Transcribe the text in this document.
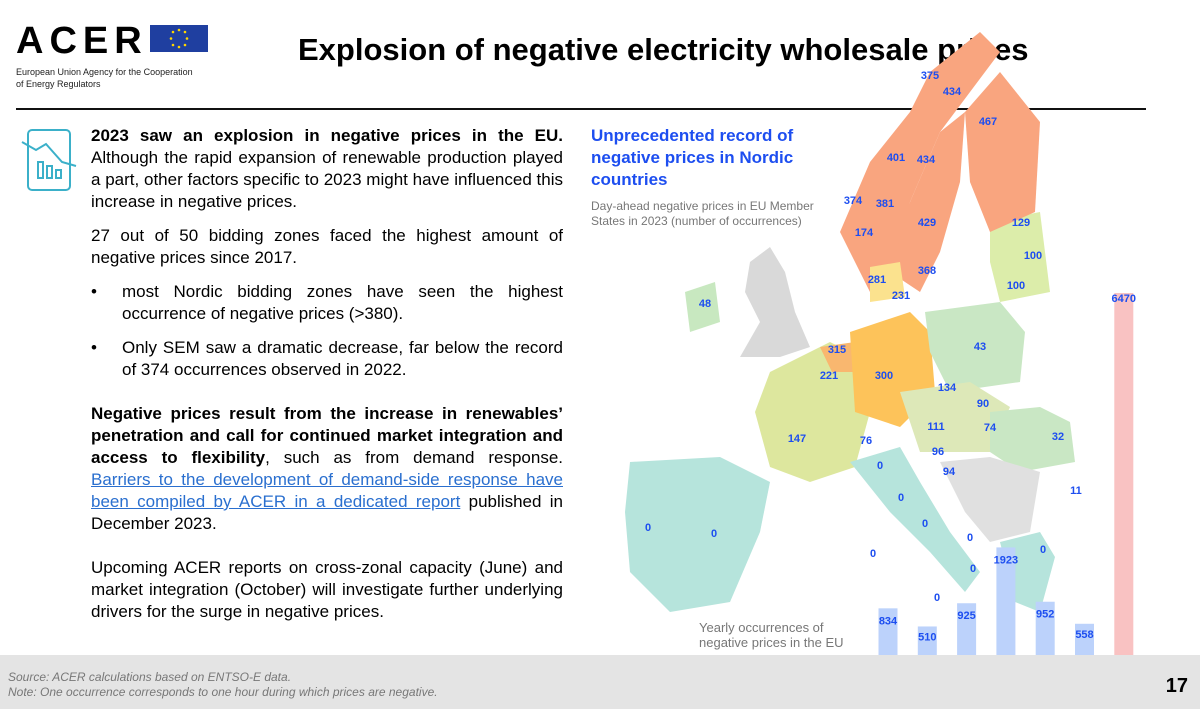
ACER
European Union Agency for the Cooperation
of Energy Regulators
Explosion of negative electricity wholesale prices

2023 saw an explosion in negative prices in the EU. Although the rapid expansion of renewable production played a part, other factors specific to 2023 might have influenced this increase in negative prices.

27 out of 50 bidding zones faced the highest amount of negative prices since 2017.

• most Nordic bidding zones have seen the highest occurrence of negative prices (>380).
• Only SEM saw a dramatic decrease, far below the record of 374 occurrences observed in 2022.

Negative prices result from the increase in renewables’ penetration and call for continued market integration and access to flexibility, such as from demand response. Barriers to the development of demand-side response have been compiled by ACER in a dedicated report published in December 2023.

Upcoming ACER reports on cross-zonal capacity (June) and market integration (October) will investigate further underlying drivers for the surge in negative prices.

375
434
467
401 434
374 381
429
174
129
100
368
281
231
100
48
315	43
221	300
134
90
111	74
147	76	32
96
0	94
11
0
0	0
0
0
0
0
0
0
834
510
925
1923
952
558
6470
Unprecedented record of negative prices in Nordic countries
Day-ahead negative prices in EU Member States in 2023 (number of occurrences)
Yearly occurrences of negative prices in the EU
Source: ACER calculations based on ENTSO-E data.
Note: One occurrence corresponds to one hour during which prices are negative.	17
